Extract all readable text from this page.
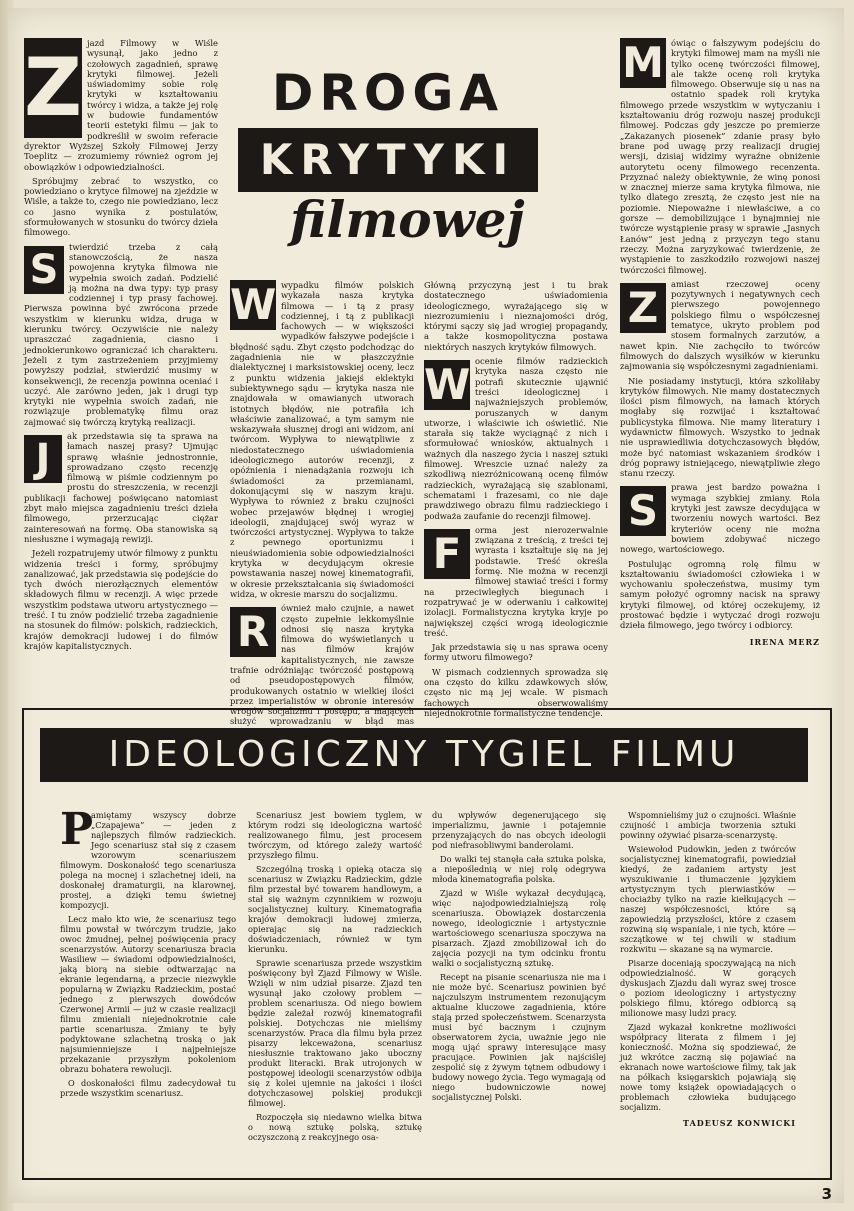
DROGA
KRYTYKI
filmowej
Z jazd Filmowy w Wiśle wysunął, jako jedno z czołowych zagadnień, sprawę krytyki filmowej. Jeżeli uświadomimy sobie rolę krytyki w kształtowaniu twórcy i widza, a także jej rolę w budowie fundamentów teorii estetyki filmu — jak to podkreślił w swoim referacie dyrektor Wyższej Szkoły Filmowej Jerzy Toeplitz — zrozumiemy również ogrom jej obowiązków i odpowiedzialności.

Spróbujmy zebrać to wszystko, co powiedziano o krytyce filmowej na zjeździe w Wiśle, a także to, czego nie powiedziano, lecz co jasno wynika z postulatów, sformułowanych w stosunku do twórcy dzieła filmowego.

S	twierdzić trzeba z całą stanowczością, że nasza powojenna krytyka filmowa nie wypełnia swoich zadań. Podzielić ją można na dwa typy: typ prasy codziennej i typ prasy fachowej. Pierwsza powinna być zwrócona przede wszystkim w kierunku widza, druga w kierunku twórcy. Oczywiście nie należy upraszczać zagadnienia, ciasno i jednokierunkowo ograniczać ich charakteru. Jeżeli z tym zastrzeżeniem przyjmiemy powyższy podział, stwierdzić musimy w konsekwencji, że recenzja powinna oceniać i uczyć. Ale zarówno jeden, jak i drugi typ krytyki nie wypełnia swoich zadań, nie rozwiązuje problematykę filmu oraz zajmować się twórczą krytyką realizacji.

J	ak przedstawia się ta sprawa na łamach naszej prasy? Ujmując sprawę właśnie jednostronnie, sprowadzano często recenzję filmową w piśmie codziennym po prostu do streszczenia, w recenzji publikacji fachowej poświęcano natomiast zbyt mało miejsca zagadnieniu treści dzieła filmowego, przerzucając ciężar zainteresowań na formę. Oba stanowiska są niesłuszne i wymagają rewizji.

Jeżeli rozpatrujemy utwór filmowy z punktu widzenia treści i formy, spróbujmy zanalizować, jak przedstawia się podejście do tych dwóch nierozłącznych elementów składowych filmu w recenzji. A więc przede wszystkim podstawa utworu artystycznego — treść. I tu znów podzielić trzeba zagadnienie na stosunek do filmów: polskich, radzieckich, krajów demokracji ludowej i do filmów krajów kapitalistycznych.

W wypadku filmów polskich wykazała nasza krytyka filmowa — i tą z prasy codziennej, i tą z publikacji fachowych — w większości wypadków fałszywe podejście i błędność sądu. Zbyt często podchodząc do zagadnienia nie w płaszczyźnie dialektycznej i marksistowskiej oceny, lecz z punktu widzenia jakiejś eklektyki subiektywnego sądu — krytyka nasza nie znajdowała w omawianych utworach istotnych błędów, nie potrafiła ich właściwie zanalizować, a tym samym nie wskazywała słusznej drogi ani widzom, ani twórcom. Wypływa to niewątpliwie z niedostatecznego uświadomienia ideologicznego autorów recenzji, z opóźnienia i nienadążania rozwoju ich świadomości za przemianami, dokonującymi się w naszym kraju. Wypływa to również z braku czujności wobec przejawów błędnej i wrogiej ideologii, znajdującej swój wyraz w twórczości artystycznej. Wypływa to także z pewnego oportunizmu i nieuświadomienia sobie odpowiedzialności krytyka w decydującym okresie powstawania naszej nowej kinematografii, w okresie przekształcania się świadomości widza, w okresie marszu do socjalizmu.

R	ównież mało czujnie, a nawet często zupełnie lekkomyślnie odnosi się nasza krytyka filmowa do wyświetlanych u nas filmów krajów kapitalistycznych, nie zawsze trafnie odróżniając twórczość postępową od pseudopostępowych filmów, produkowanych ostatnio w wielkiej ilości przez imperialistów w obronie interesów wrogów socjalizmu i postępu, a mających służyć wprowadzaniu w błąd mas

Główną przyczyną jest i tu brak dostatecznego uświadomienia ideologicznego, wyrażającego się w niezrozumieniu i nieznajomości dróg, którymi sączy się jad wrogiej propagandy, a także kosmopolityczna postawa niektórych naszych krytyków filmowych.

W ocenie filmów radzieckich krytyka nasza często nie potrafi skutecznie ująwnić treści ideologicznej i najważniejszych problemów, poruszanych w danym utworze, i właściwie ich oświetlić. Nie starała się także wyciągnąć z nich i sformułować wniosków, aktualnych i ważnych dla naszego życia i naszej sztuki filmowej. Wreszcie uznać należy za szkodliwą niezróżnicowaną ocenę filmów radzieckich, wyrażającą się szablonami, schematami i frazesami, co nie daje prawdziwego obrazu filmu radzieckiego i podważa zaufanie do recenzji filmowej.

F	orma jest nierozerwalnie związana z treścią, z treści tej wyrasta i kształtuje się na jej podstawie. Treść określa formę. Nie można w recenzji filmowej stawiać treści i formy na przeciwległych biegunach i rozpatrywać je w oderwaniu i całkowitej izolacji. Formalistyczna krytyka kryje po największej części wrogą ideologicznie treść.

Jak przedstawia się u nas sprawa oceny formy utworu filmowego?

W pismach codziennych sprowadza się ona często do kilku zdawkowych słów, często nic mą jej wcale. W pismach fachowych obserwowaliśmy niejednokrotnie formalistyczne tendencje.

M ówiąc o fałszywym podejściu do krytyki filmowej mam na myśli nie tylko ocenę twórczości filmowej, ale także ocenę roli krytyka filmowego. Obserwuje się u nas na ostatnio spadek roli krytyka filmowego przede wszystkim w wytyczaniu i kształtowaniu dróg rozwoju naszej produkcji filmowej. Podczas gdy jeszcze po premierze „Zakazanych piosenek” zdanie prasy było brane pod uwagę przy realizacji drugiej wersji, dzisiaj widzimy wyraźne obniżenie autorytetu oceny filmowego recenzenta. Przyznać należy obiektywnie, że winę ponosi w znacznej mierze sama krytyka filmowa, nie tylko dlatego zresztą, że często jest nie na poziomie. Niepoważne i niewłaściwe, a co gorsze — demobilizujące i bynajmniej nie twórcze wystąpienie prasy w sprawie „Jasnych Łanów” jest jedną z przyczyn tego stanu rzeczy. Można zaryzykować twierdzenie, że wystąpienie to zaszkodziło rozwojowi naszej twórczości filmowej.

Z	amiast rzeczowej oceny pozytywnych i negatywnych cech pierwszego powojennego polskiego filmu o współczesnej tematyce, ukryto problem pod stosem formalnych zarzutów, a nawet kpin. Nie zachęciło to twórców filmowych do dalszych wysiłków w kierunku zajmowania się współczesnymi zagadnieniami.

Nie posiadamy instytucji, która szkoliłaby krytyków filmowych. Nie mamy dostatecznych ilości pism filmowych, na łamach których mogłaby się rozwijać i kształtować publicystyka filmowa. Nie mamy literatury i wydawnictw filmowych. Wszystko to jednak nie usprawiedliwia dotychczasowych błędów, może być natomiast wskazaniem środków i dróg poprawy istniejącego, niewątpliwie złego stanu rzeczy.

S	prawa jest bardzo poważna i wymaga szybkiej zmiany. Rola krytyki jest zawsze decydująca w tworzeniu nowych wartości. Bez kryteriów oceny nie można bowiem zdobywać niczego nowego, wartościowego.

Postulując ogromną rolę filmu w kształtowaniu świadomości człowieka i w wychowaniu społeczeństwa, musimy tym samym położyć ogromny nacisk na sprawy krytyki filmowej, od której oczekujemy, iż prostować będzie i wytyczać drogi rozwoju dzieła filmowego, jego twórcy i odbiorcy.

IRENA MERZ
IDEOLOGICZNY TYGIEL FILMU
P

amiętamy wszyscy dobrze „Czapajewa” — jeden z najlepszych filmów radzieckich. Jego scenariusz stał się z czasem wzorowym scenariuszem filmowym. Doskonałość tego scenariusza polega na mocnej i szlachetnej ideii, na doskonałej dramaturgii, na klarownej, prostej, a dzięki temu świetnej kompozycji.

Lecz mało kto wie, że scenariusz tego filmu powstał w twórczym trudzie, jako owoc żmudnej, pełnej poświęcenia pracy scenarzystów. Autorzy scenariusza bracia Wasiliew — świadomi odpowiedzialności, jaką biorą na siebie odtwarzając na ekranie legendarną, a przecie niezwykle popularną w Związku Radzieckim, postać jednego z pierwszych dowódców Czerwonej Armii — już w czasie realizacji filmu zmieniali niejednokrotnie całe partie scenariusza. Zmiany te były podyktowane szlachetną troską o jak najsumienniejsze i najpełniejsze przekazanie przyszłym pokoleniom obrazu bohatera rewolucji.

O doskonałości filmu zadecydował tu przede wszystkim scenariusz.

Scenariusz jest bowiem tyglem, w którym rodzi się ideologiczna wartość realizowanego filmu, jest procesem twórczym, od którego zależy wartość przyszłego filmu.

Szczególną troską i opieką otacza się scenariusz w Związku Radzieckim, gdzie film przestał być towarem handlowym, a stał się ważnym czynnikiem w rozwoju socjalistycznej kultury. Kinematografia krajów demokracji ludowej zmierza, opierając się na radzieckich doświadczeniach, również w tym kierunku.

Sprawie scenariusza przede wszystkim poświęcony był Zjazd Filmowy w Wiśle. Wzięli w nim udział pisarze. Zjazd ten wysunął jako czołowy problem — problem scenariusza. Od niego bowiem będzie zależał rozwój kinematografii polskiej. Dotychczas nie mieliśmy scenarzystów. Praca dla filmu była przez pisarzy lekceważona, scenariusz niesłusznie traktowano jako uboczny produkt literacki. Brak utrojonych w postępowej ideologii scenarzystów odbija się z kolei ujemnie na jakości i ilości dotychczasowej polskiej produkcji filmowej.

Rozpoczęła się niedawno wielka bitwa o nową sztukę polską, sztukę oczyszczoną z reakcyjnego osa-

du wpływów degenerującego się imperializmu, jawnie i potajemnie przenyzających do nas obcych ideologii pod niefrasobliwymi banderolami.

Do walki tej stanęła cała sztuka polska, a niepoślednią w niej rolę odegrywa młoda kinematografia polska.

Zjazd w Wiśle wykazał decydującą, więc najodpowiedzialniejszą rolę scenariusza. Obowiązek dostarczenia nowego, ideologicznie i artystycznie wartościowego scenariusza spoczywa na pisarzach. Zjazd zmobilizował ich do zajęcia pozycji na tym odcinku frontu walki o socjalistyczną sztukę.

Recept na pisanie scenariusza nie ma i nie może być. Scenariusz powinien być najczulszym instrumentem rezonującym aktualne kluczowe zagadnienia, które stają przed społeczeństwem. Scenarzysta musi być bacznym i czujnym obserwatorem życia, uważnie jego nie mogą ująć sprawy interesujące masy pracujące. Powinien jak najściślej zespolić się z żywym tętnem odbudowy i budowy nowego życia. Tego wymagają od niego budowniczowie nowej socjalistycznej Polski.

Wspomnieliśmy już o czujności. Właśnie czujność i ambicja tworzenia sztuki powinny ożywiać pisarza-scenarzystę.

Wsiewołod Pudowkin, jeden z twórców socjalistycznej kinematografii, powiedział kiedyś, że zadaniem artysty jest wyszukiwanie i tłumaczenie językiem artystycznym tych pierwiastków — chociażby tylko na razie kiełkujących — naszej współczesności, które są zapowiedzią przyszłości, które z czasem rozwiną się wspaniale, i nie tych, które — szczątkowe w tej chwili w stadium rozkwitu — skazane są na wymarcie.

Pisarze doceniają spoczywającą na nich odpowiedzialność. W gorących dyskusjach Zjazdu dali wyraz swej trosce o poziom ideologiczny i artystyczny polskiego filmu, którego odbiorcą są milionowe masy ludzi pracy.

Zjazd wykazał konkretne możliwości współpracy literata z filmem i jej konieczność. Można się spodziewać, że już wkrótce zaczną się pojawiać na ekranach nowe wartościowe filmy, tak jak na półkach księgarskich pojawiają się nowe tomy książek opowiadających o problemach człowieka budującego socjalizm.

TADEUSZ KONWICKI
3
